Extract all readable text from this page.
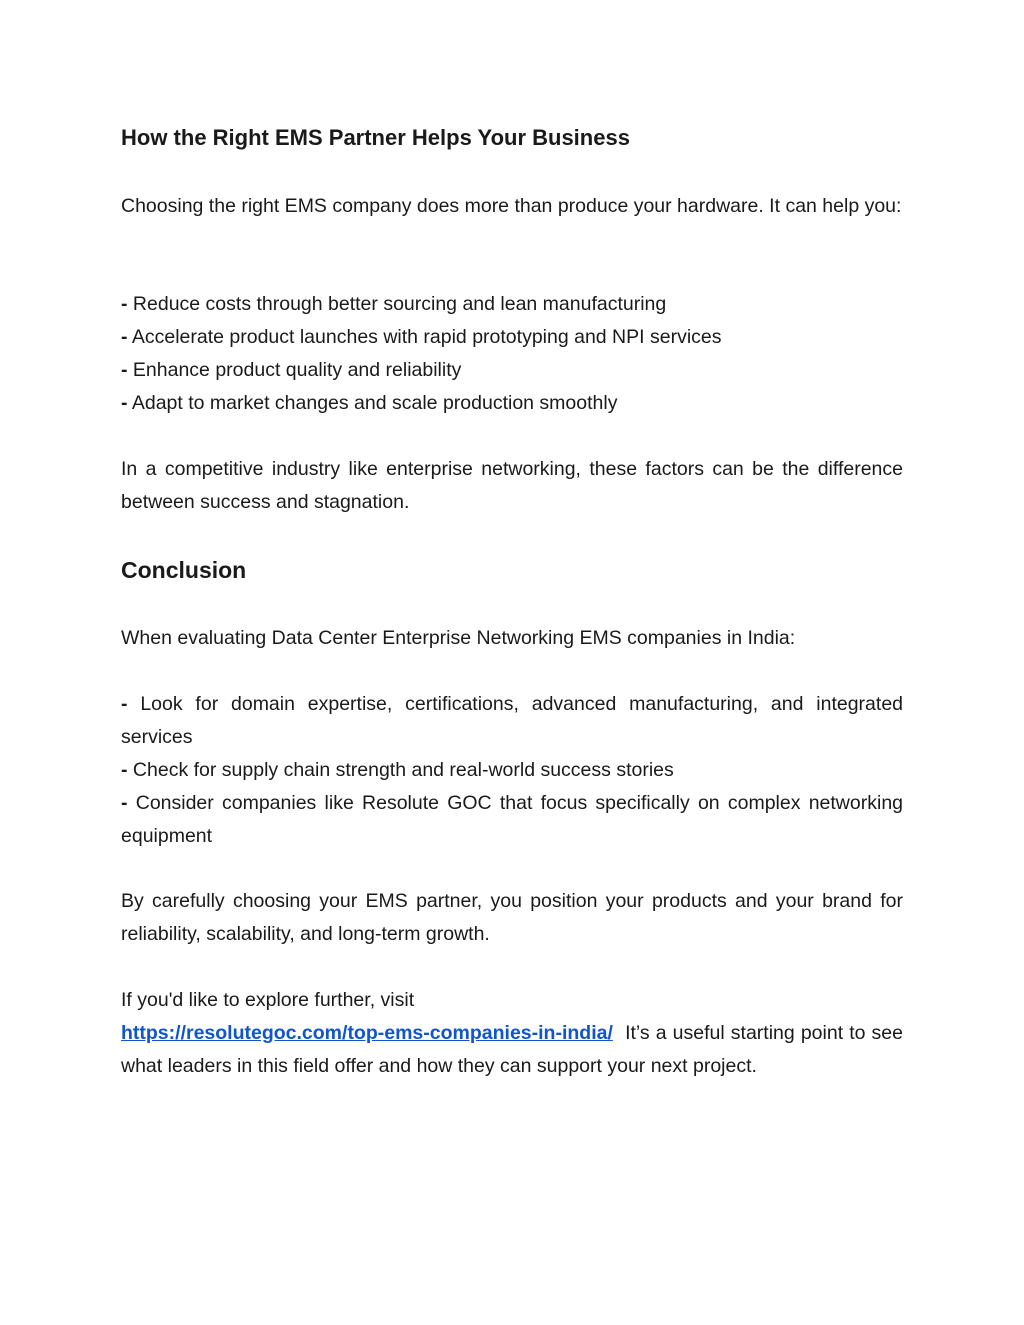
How the Right EMS Partner Helps Your Business
Choosing the right EMS company does more than produce your hardware. It can help you:
- Reduce costs through better sourcing and lean manufacturing
- Accelerate product launches with rapid prototyping and NPI services
- Enhance product quality and reliability
- Adapt to market changes and scale production smoothly
In a competitive industry like enterprise networking, these factors can be the difference between success and stagnation.
Conclusion
When evaluating Data Center Enterprise Networking EMS companies in India:
- Look for domain expertise, certifications, advanced manufacturing, and integrated services
- Check for supply chain strength and real-world success stories
- Consider companies like Resolute GOC that focus specifically on complex networking equipment
By carefully choosing your EMS partner, you position your products and your brand for reliability, scalability, and long-term growth.
If you'd like to explore further, visit
https://resolutegoc.com/top-ems-companies-in-india/ It’s a useful starting point to see what leaders in this field offer and how they can support your next project.
